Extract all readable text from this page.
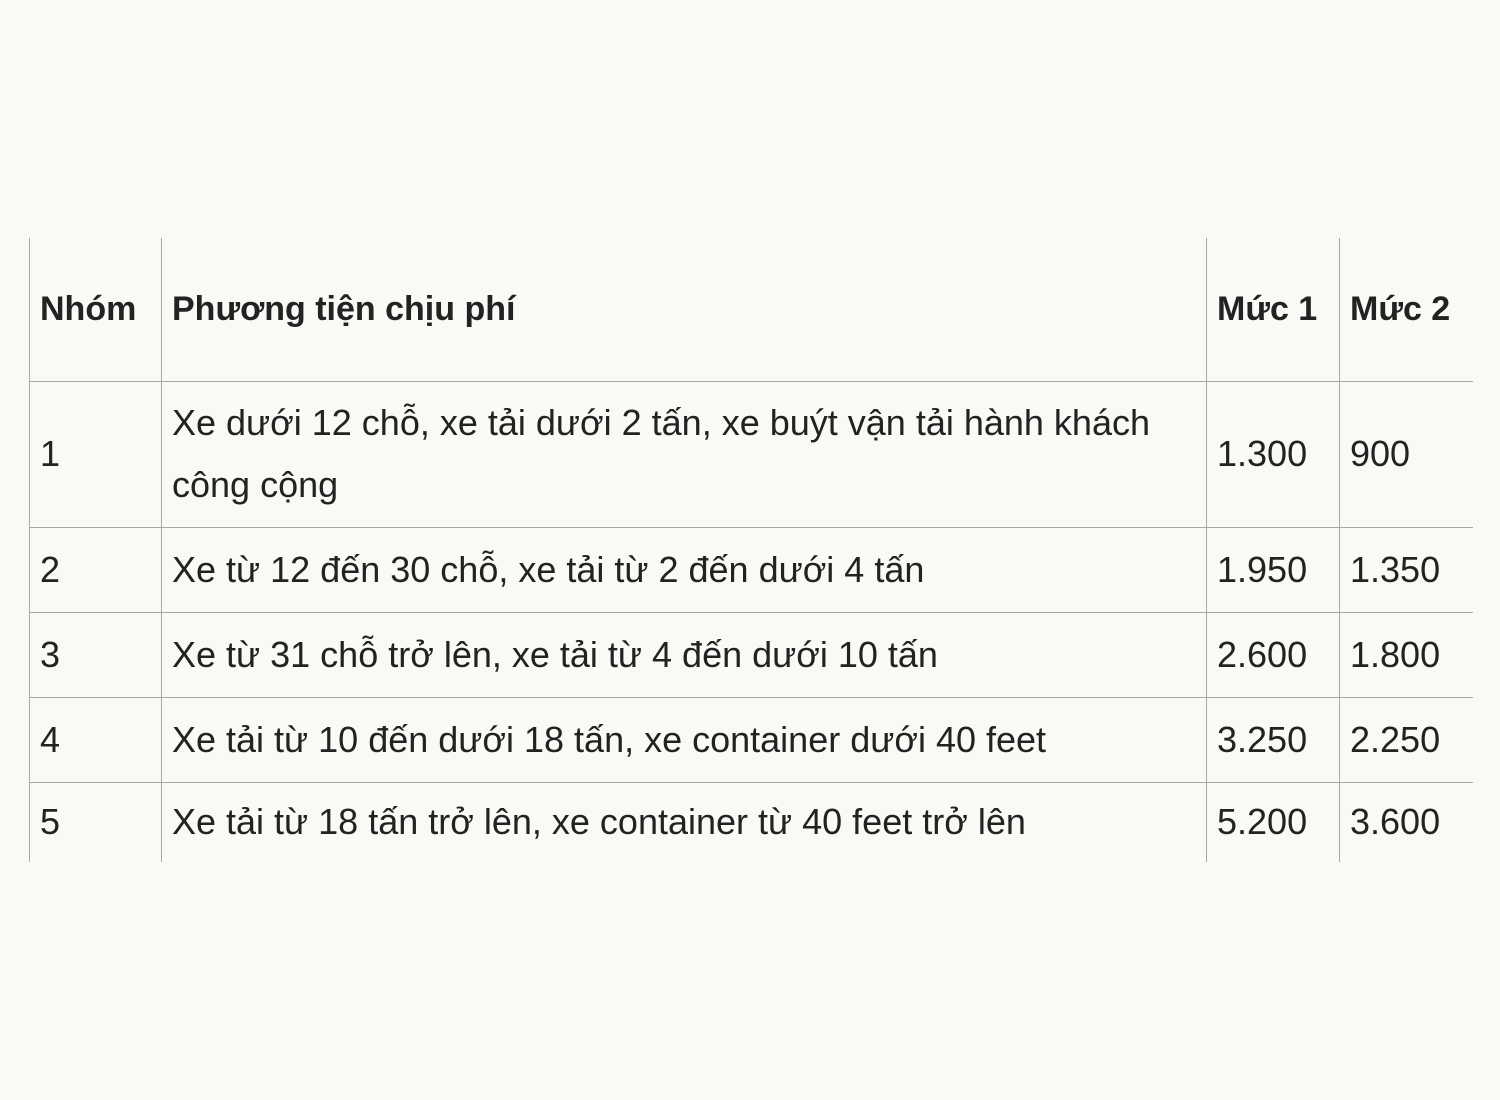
Nhóm	Phương tiện chịu phí	Mức 1	Mức 2
1	Xe dưới 12 chỗ, xe tải dưới 2 tấn, xe buýt vận tải hành khách công cộng	1.300	900
2	Xe từ 12 đến 30 chỗ, xe tải từ 2 đến dưới 4 tấn	1.950	1.350
3	Xe từ 31 chỗ trở lên, xe tải từ 4 đến dưới 10 tấn	2.600	1.800
4	Xe tải từ 10 đến dưới 18 tấn, xe container dưới 40 feet	3.250	2.250
5	Xe tải từ 18 tấn trở lên, xe container từ 40 feet trở lên	5.200	3.600
